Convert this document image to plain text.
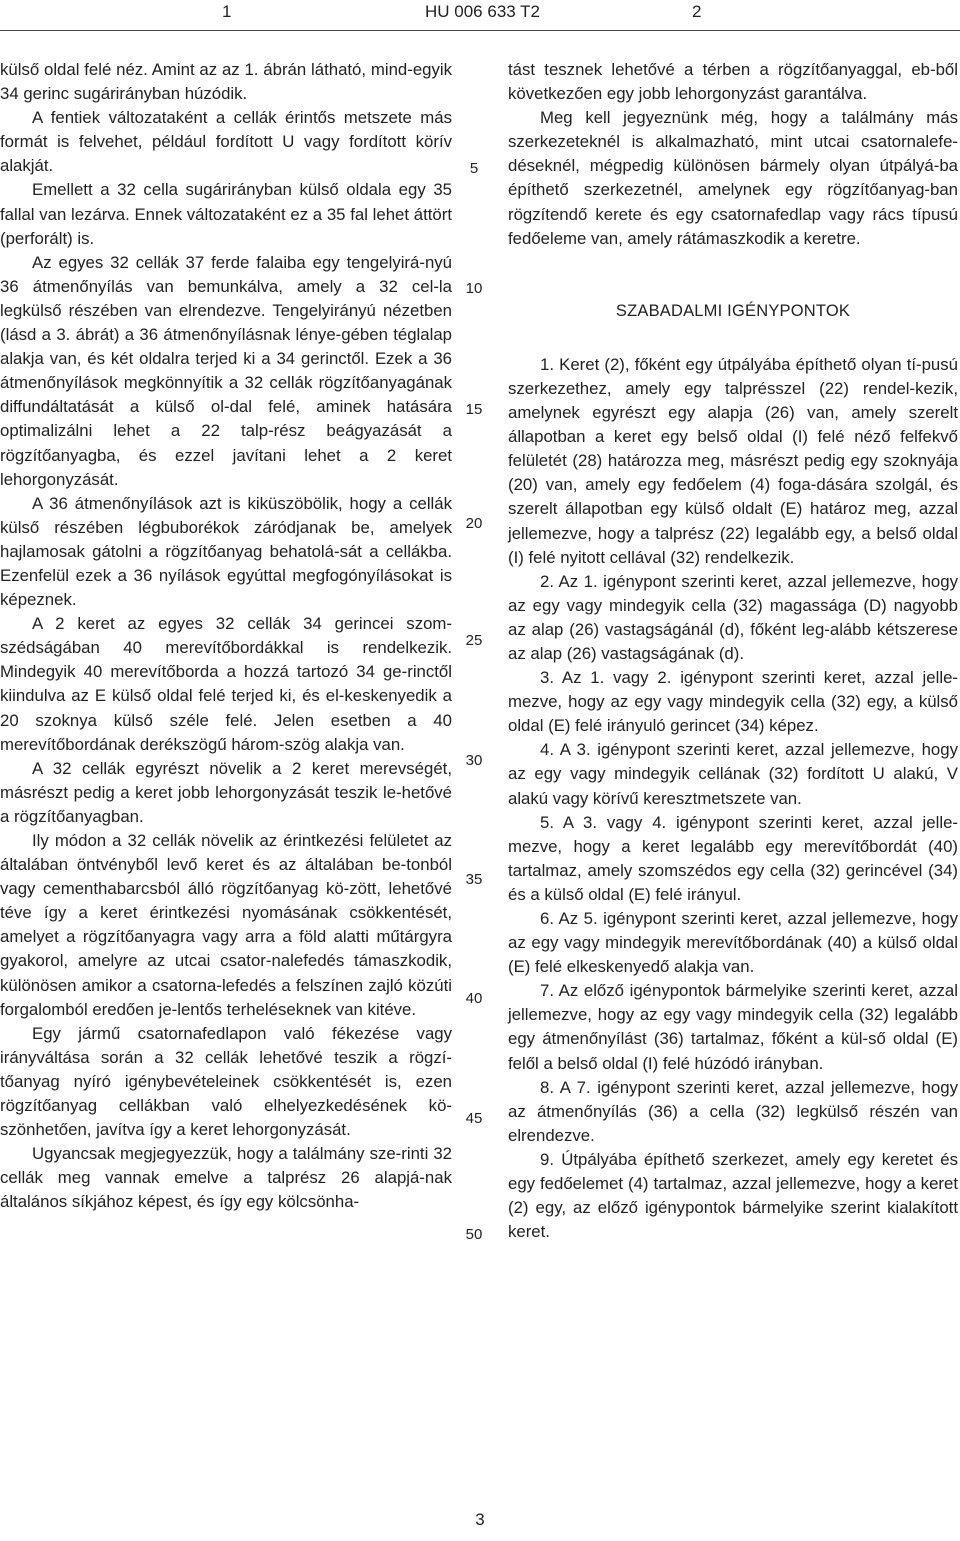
1	HU 006 633 T2	2

külső oldal felé néz. Amint az az 1. ábrán látható, mind-egyik 34 gerinc sugárirányban húzódik.

A fentiek változataként a cellák érintős metszete más formát is felvehet, például fordított U vagy fordított körív alakját.

Emellett a 32 cella sugárirányban külső oldala egy 35 fallal van lezárva. Ennek változataként ez a 35 fal lehet áttört (perforált) is.

Az egyes 32 cellák 37 ferde falaiba egy tengelyirá-nyú 36 átmenőnyílás van bemunkálva, amely a 32 cel-la legkülső részében van elrendezve. Tengelyirányú nézetben (lásd a 3. ábrát) a 36 átmenőnyílásnak lénye-gében téglalap alakja van, és két oldalra terjed ki a 34 gerinctől. Ezek a 36 átmenőnyílások megkönnyítik a 32 cellák rögzítőanyagának diffundáltatását a külső ol-dal felé, aminek hatására optimalizálni lehet a 22 talp-rész beágyazását a rögzítőanyagba, és ezzel javítani lehet a 2 keret lehorgonyzását.

A 36 átmenőnyílások azt is kiküszöbölik, hogy a cellák külső részében légbuborékok záródjanak be, amelyek hajlamosak gátolni a rögzítőanyag behatolá-sát a cellákba. Ezenfelül ezek a 36 nyílások egyúttal megfogónyílásokat is képeznek.

A 2 keret az egyes 32 cellák 34 gerincei szom-szédságában 40 merevítőbordákkal is rendelkezik. Mindegyik 40 merevítőborda a hozzá tartozó 34 ge-rinctől kiindulva az E külső oldal felé terjed ki, és el-keskenyedik a 20 szoknya külső széle felé. Jelen esetben a 40 merevítőbordának derékszögű három-szög alakja van.

A 32 cellák egyrészt növelik a 2 keret merevségét, másrészt pedig a keret jobb lehorgonyzását teszik le-hetővé a rögzítőanyagban.

Ily módon a 32 cellák növelik az érintkezési felületet az általában öntvényből levő keret és az általában be-tonból vagy cementhabarcsból álló rögzítőanyag kö-zött, lehetővé téve így a keret érintkezési nyomásának csökkentését, amelyet a rögzítőanyagra vagy arra a föld alatti műtárgyra gyakorol, amelyre az utcai csator-nalefedés támaszkodik, különösen amikor a csatorna-lefedés a felszínen zajló közúti forgalomból eredően je-lentős terheléseknek van kitéve.

Egy jármű csatornafedlapon való fékezése vagy irányváltása során a 32 cellák lehetővé teszik a rögzí-tőanyag nyíró igénybevételeinek csökkentését is, ezen rögzítőanyag cellákban való elhelyezkedésének kö-szönhetően, javítva így a keret lehorgonyzását.

Ugyancsak megjegyezzük, hogy a találmány sze-rinti 32 cellák meg vannak emelve a talprész 26 alapjá-nak általános síkjához képest, és így egy kölcsönha-

5
10
15
20
25
30
35
40
45
50

tást tesznek lehetővé a térben a rögzítőanyaggal, eb-ből következően egy jobb lehorgonyzást garantálva.

Meg kell jegyeznünk még, hogy a találmány más szerkezeteknél is alkalmazható, mint utcai csatornalefe-déseknél, mégpedig különösen bármely olyan útpályá-ba építhető szerkezetnél, amelynek egy rögzítőanyag-ban rögzítendő kerete és egy csatornafedlap vagy rács típusú fedőeleme van, amely rátámaszkodik a keretre.

SZABADALMI IGÉNYPONTOK

1. Keret (2), főként egy útpályába építhető olyan tí-pusú szerkezethez, amely egy talprésszel (22) rendel-kezik, amelynek egyrészt egy alapja (26) van, amely szerelt állapotban a keret egy belső oldal (I) felé néző felfekvő felületét (28) határozza meg, másrészt pedig egy szoknyája (20) van, amely egy fedőelem (4) foga-dására szolgál, és szerelt állapotban egy külső oldalt (E) határoz meg, azzal jellemezve, hogy a talprész (22) legalább egy, a belső oldal (I) felé nyitott cellával (32) rendelkezik.

2. Az 1. igénypont szerinti keret, azzal jellemezve, hogy az egy vagy mindegyik cella (32) magassága (D) nagyobb az alap (26) vastagságánál (d), főként leg-alább kétszerese az alap (26) vastagságának (d).

3. Az 1. vagy 2. igénypont szerinti keret, azzal jelle-mezve, hogy az egy vagy mindegyik cella (32) egy, a külső oldal (E) felé irányuló gerincet (34) képez.

4. A 3. igénypont szerinti keret, azzal jellemezve, hogy az egy vagy mindegyik cellának (32) fordított U alakú, V alakú vagy körívű keresztmetszete van.

5. A 3. vagy 4. igénypont szerinti keret, azzal jelle-mezve, hogy a keret legalább egy merevítőbordát (40) tartalmaz, amely szomszédos egy cella (32) gerincével (34) és a külső oldal (E) felé irányul.

6. Az 5. igénypont szerinti keret, azzal jellemezve, hogy az egy vagy mindegyik merevítőbordának (40) a külső oldal (E) felé elkeskenyedő alakja van.

7. Az előző igénypontok bármelyike szerinti keret, azzal jellemezve, hogy az egy vagy mindegyik cella (32) legalább egy átmenőnyílást (36) tartalmaz, főként a kül-ső oldal (E) felől a belső oldal (I) felé húzódó irányban.

8. A 7. igénypont szerinti keret, azzal jellemezve, hogy az átmenőnyílás (36) a cella (32) legkülső részén van elrendezve.

9. Útpályába építhető szerkezet, amely egy keretet és egy fedőelemet (4) tartalmaz, azzal jellemezve, hogy a keret (2) egy, az előző igénypontok bármelyike szerint kialakított keret.

3
